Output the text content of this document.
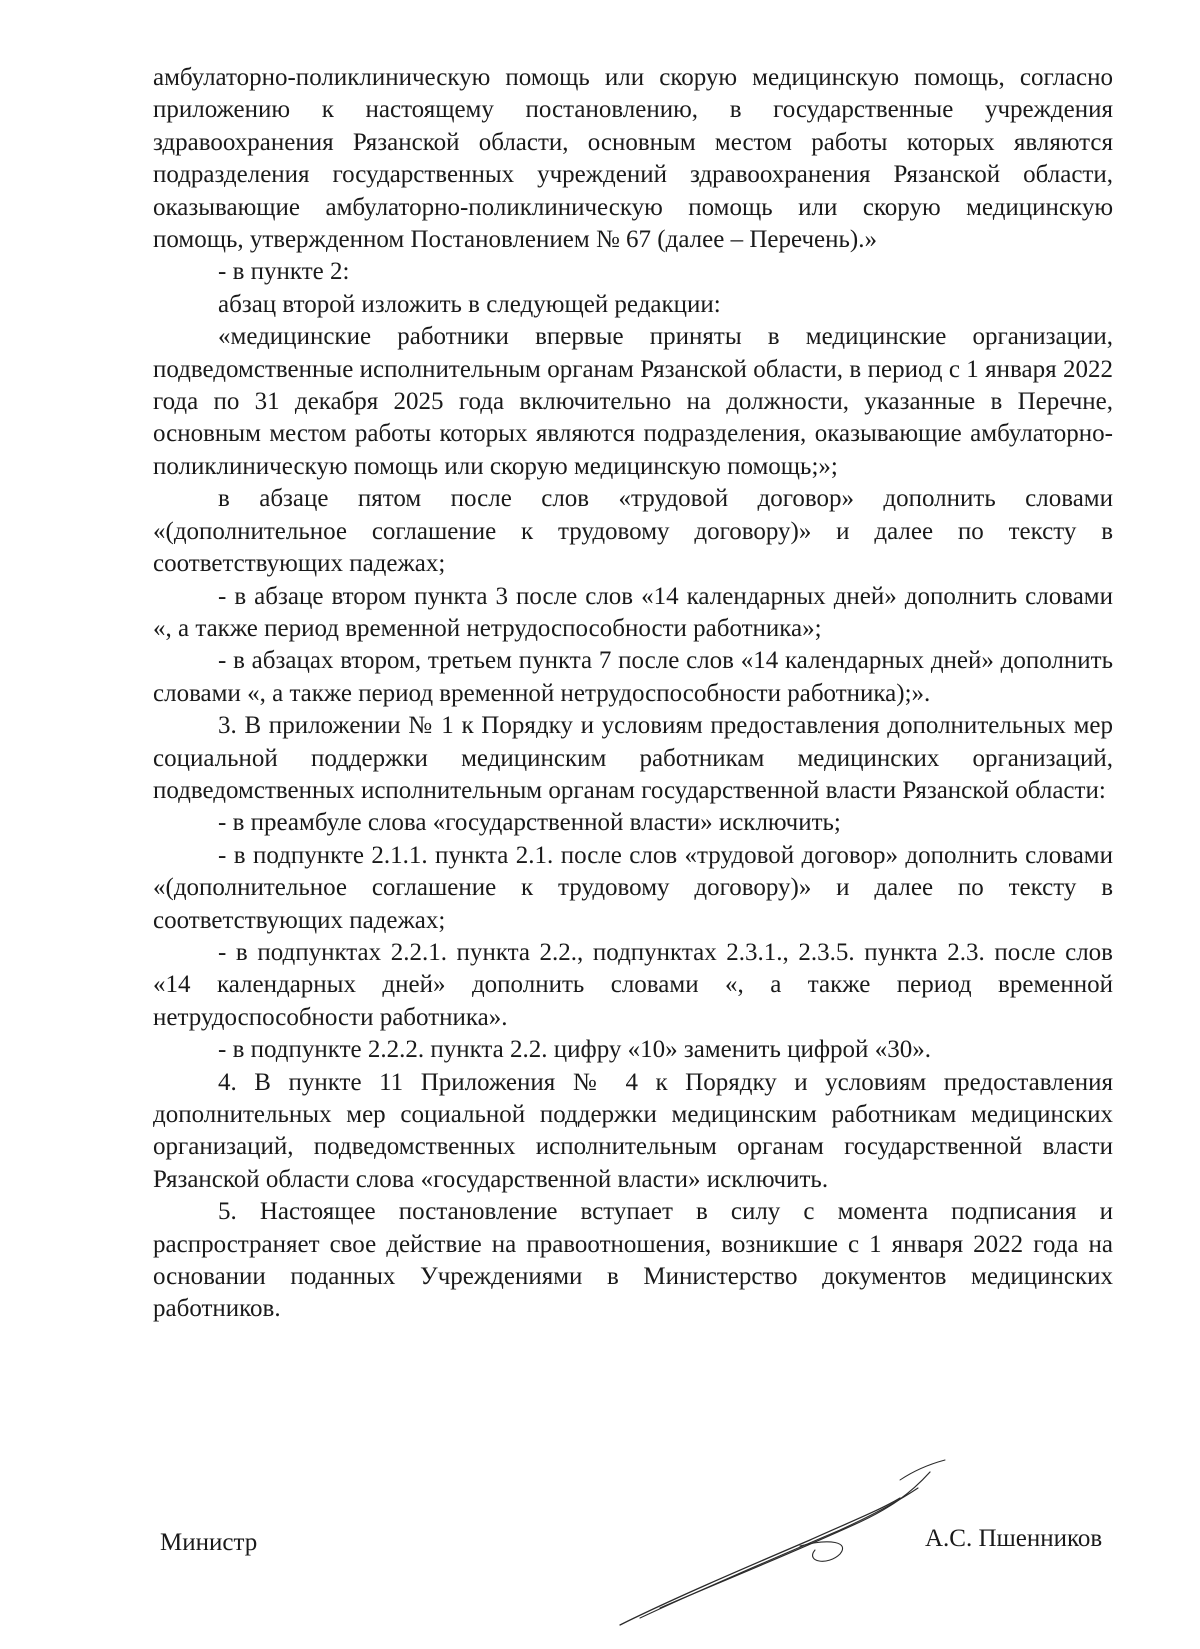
амбулаторно-поликлиническую помощь или скорую медицинскую помощь, согласно приложению к настоящему постановлению, в государственные учреждения здравоохранения Рязанской области, основным местом работы которых являются подразделения государственных учреждений здравоохранения Рязанской области, оказывающие амбулаторно-поликлиническую помощь или скорую медицинскую помощь, утвержденном Постановлением № 67 (далее – Перечень).»

- в пункте 2:

абзац второй изложить в следующей редакции:

«медицинские работники впервые приняты в медицинские организации, подведомственные исполнительным органам Рязанской области, в период с 1 января 2022 года по 31 декабря 2025 года включительно на должности, указанные в Перечне, основным местом работы которых являются подразделения, оказывающие амбулаторно-поликлиническую помощь или скорую медицинскую помощь;»;

в абзаце пятом после слов «трудовой договор» дополнить словами «(дополнительное соглашение к трудовому договору)» и далее по тексту в соответствующих падежах;

- в абзаце втором пункта 3 после слов «14 календарных дней» дополнить словами «, а также период временной нетрудоспособности работника»;

- в абзацах втором, третьем пункта 7 после слов «14 календарных дней» дополнить словами «, а также период временной нетрудоспособности работника);».

3. В приложении № 1 к Порядку и условиям предоставления дополнительных мер социальной поддержки медицинским работникам медицинских организаций, подведомственных исполнительным органам государственной власти Рязанской области:

- в преамбуле слова «государственной власти» исключить;

- в подпункте 2.1.1. пункта 2.1. после слов «трудовой договор» дополнить словами «(дополнительное соглашение к трудовому договору)» и далее по тексту в соответствующих падежах;

- в подпунктах 2.2.1. пункта 2.2., подпунктах 2.3.1., 2.3.5. пункта 2.3. после слов «14 календарных дней» дополнить словами «, а также период временной нетрудоспособности работника».

- в подпункте 2.2.2. пункта 2.2. цифру «10» заменить цифрой «30».

4. В пункте 11 Приложения № 4 к Порядку и условиям предоставления дополнительных мер социальной поддержки медицинским работникам медицинских организаций, подведомственных исполнительным органам государственной власти Рязанской области слова «государственной власти» исключить.

5. Настоящее постановление вступает в силу с момента подписания и распространяет свое действие на правоотношения, возникшие с 1 января 2022 года на основании поданных Учреждениями в Министерство документов медицинских работников.

Министр	А.С. Пшенников
